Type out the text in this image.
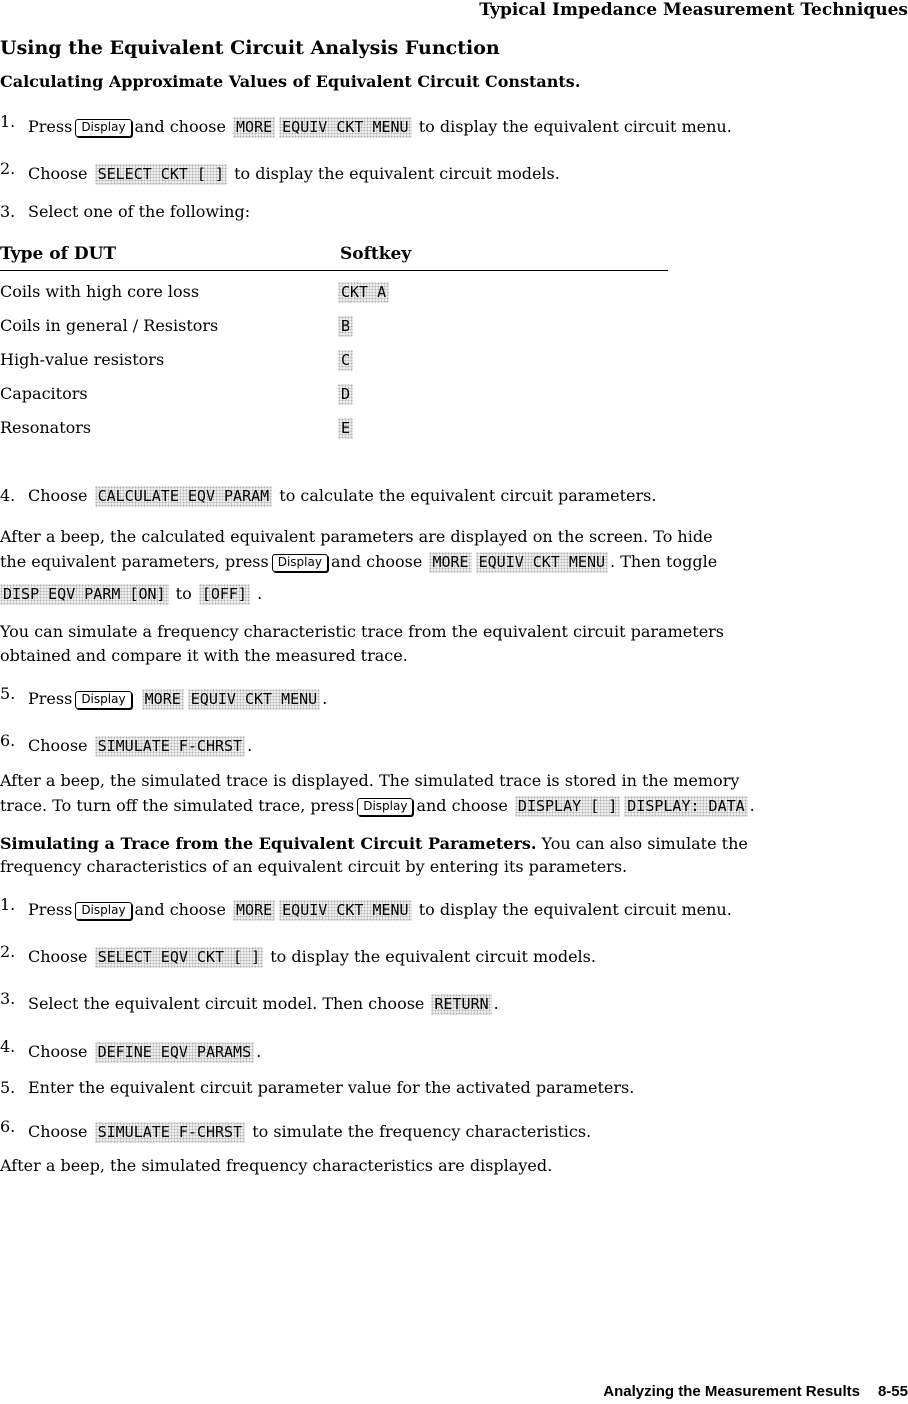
Typical Impedance Measurement Techniques
Using the Equivalent Circuit Analysis Function
Calculating Approximate Values of Equivalent Circuit Constants.
1. Press Display and choose MORE EQUIV CKT MENU to display the equivalent circuit menu.
2. Choose SELECT CKT [ ] to display the equivalent circuit models.
3. Select one of the following:
Type of DUT	Softkey
Coils with high core loss	CKT A
Coils in general / Resistors	B
High-value resistors	C
Capacitors	D
Resonators	E
4. Choose CALCULATE EQV PARAM to calculate the equivalent circuit parameters.
After a beep, the calculated equivalent parameters are displayed on the screen. To hide
the equivalent parameters, press Display and choose MORE EQUIV CKT MENU . Then toggle
DISP EQV PARM [ON] to [OFF] .
You can simulate a frequency characteristic trace from the equivalent circuit parameters
obtained and compare it with the measured trace.
5. Press Display MORE EQUIV CKT MENU .
6. Choose SIMULATE F-CHRST .
After a beep, the simulated trace is displayed. The simulated trace is stored in the memory
trace. To turn off the simulated trace, press Display and choose DISPLAY [ ] DISPLAY: DATA .
Simulating a Trace from the Equivalent Circuit Parameters. You can also simulate the
frequency characteristics of an equivalent circuit by entering its parameters.
1. Press Display and choose MORE EQUIV CKT MENU to display the equivalent circuit menu.
2. Choose SELECT EQV CKT [ ] to display the equivalent circuit models.
3. Select the equivalent circuit model. Then choose RETURN .
4. Choose DEFINE EQV PARAMS .
5. Enter the equivalent circuit parameter value for the activated parameters.
6. Choose SIMULATE F-CHRST to simulate the frequency characteristics.
After a beep, the simulated frequency characteristics are displayed.
Analyzing the Measurement Results 8-55
